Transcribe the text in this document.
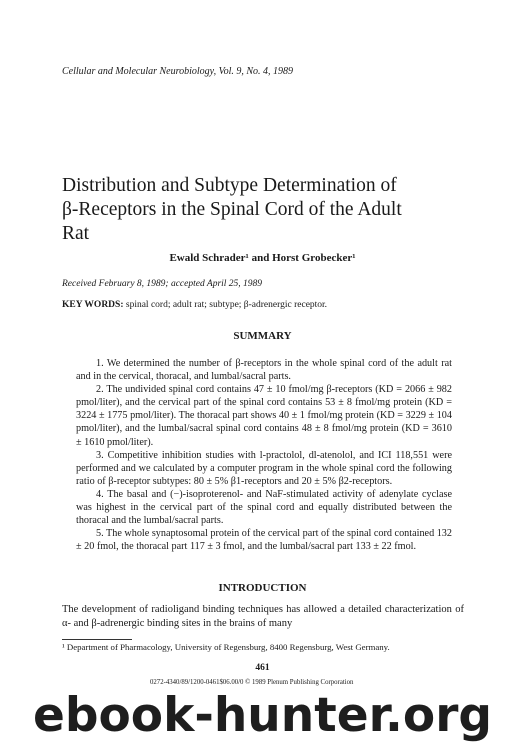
Cellular and Molecular Neurobiology, Vol. 9, No. 4, 1989
Distribution and Subtype Determination of
β-Receptors in the Spinal Cord of the Adult
Rat
Ewald Schrader¹ and Horst Grobecker¹
Received February 8, 1989; accepted April 25, 1989
KEY WORDS: spinal cord; adult rat; subtype; β-adrenergic receptor.
SUMMARY

1. We determined the number of β-receptors in the whole spinal cord of the adult rat and in the cervical, thoracal, and lumbal/sacral parts.

2. The undivided spinal cord contains 47 ± 10 fmol/mg β-receptors (KD = 2066 ± 982 pmol/liter), and the cervical part of the spinal cord contains 53 ± 8 fmol/mg protein (KD = 3224 ± 1775 pmol/liter). The thoracal part shows 40 ± 1 fmol/mg protein (KD = 3229 ± 104 pmol/liter), and the lumbal/sacral spinal cord contains 48 ± 8 fmol/mg protein (KD = 3610 ± 1610 pmol/liter).

3. Competitive inhibition studies with l-practolol, dl-atenolol, and ICI 118,551 were performed and we calculated by a computer program in the whole spinal cord the following ratio of β-receptor subtypes: 80 ± 5% β1-receptors and 20 ± 5% β2-receptors.

4. The basal and (−)-isoproterenol- and NaF-stimulated activity of adenylate cyclase was highest in the cervical part of the spinal cord and equally distributed between the thoracal and the lumbal/sacral parts.

5. The whole synaptosomal protein of the cervical part of the spinal cord contained 132 ± 20 fmol, the thoracal part 117 ± 3 fmol, and the lumbal/sacral part 133 ± 22 fmol.

INTRODUCTION

The development of radioligand binding techniques has allowed a detailed characterization of α- and β-adrenergic binding sites in the brains of many

¹ Department of Pharmacology, University of Regensburg, 8400 Regensburg, West Germany.
461
0272-4340/89/1200-0461$06.00/0 © 1989 Plenum Publishing Corporation
ebook-hunter.org
